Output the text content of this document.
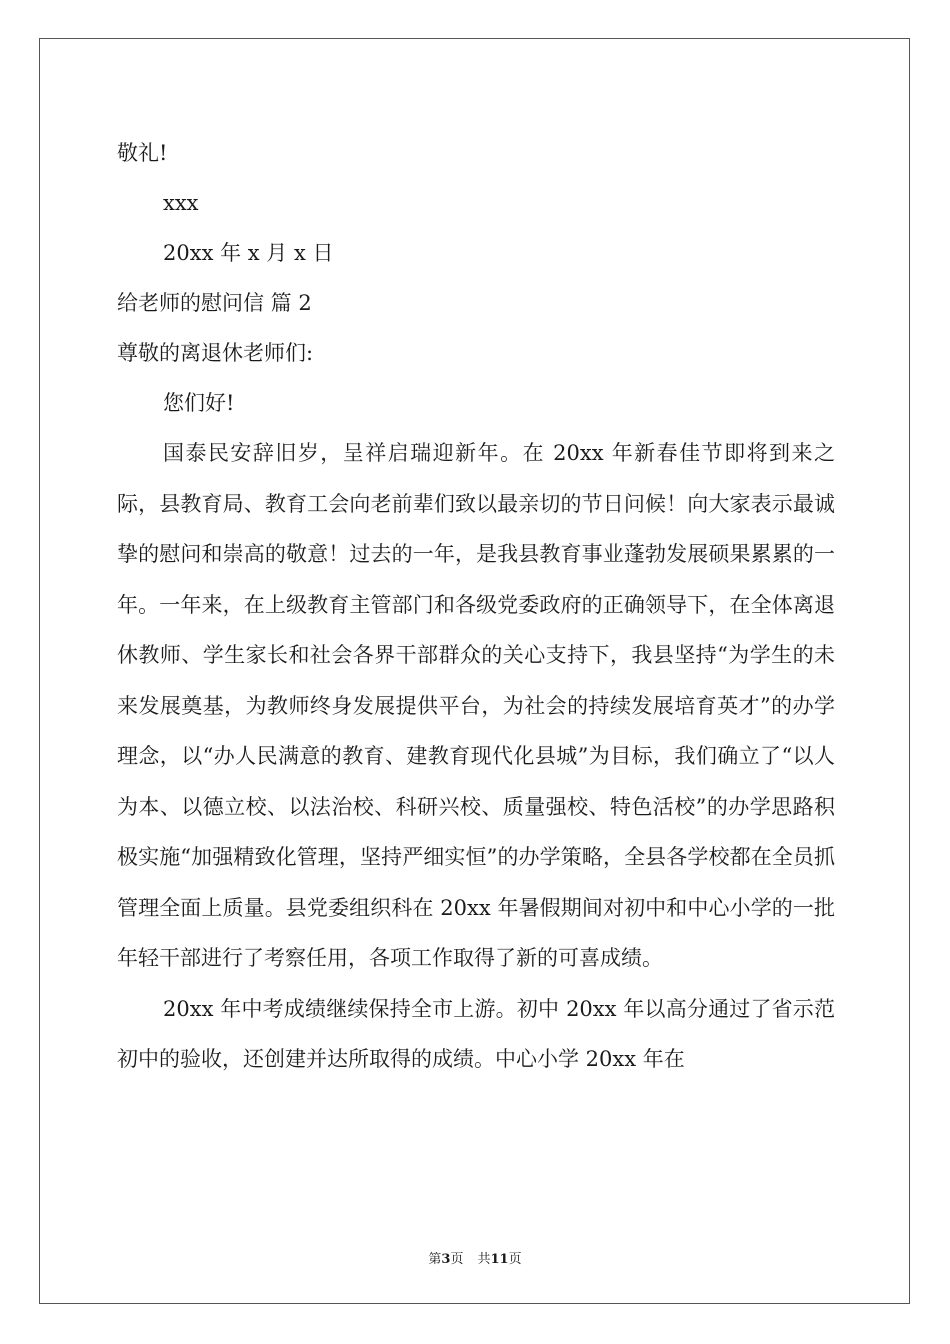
敬礼!
xxx
20xx 年 x 月 x 日
给老师的慰问信 篇 2
尊敬的离退休老师们:
您们好!

国泰民安辞旧岁，呈祥启瑞迎新年。在 20xx 年新春佳节即将到来之际，县教育局、教育工会向老前辈们致以最亲切的节日问候！向大家表示最诚挚的慰问和崇高的敬意！过去的一年，是我县教育事业蓬勃发展硕果累累的一年。一年来，在上级教育主管部门和各级党委政府的正确领导下，在全体离退休教师、学生家长和社会各界干部群众的关心支持下，我县坚持“为学生的未来发展奠基，为教师终身发展提供平台，为社会的持续发展培育英才”的办学理念，以“办人民满意的教育、建教育现代化县城”为目标，我们确立了“以人为本、以德立校、以法治校、科研兴校、质量强校、特色活校”的办学思路积极实施“加强精致化管理，坚持严细实恒”的办学策略，全县各学校都在全员抓管理全面上质量。县党委组织科在 20xx 年暑假期间对初中和中心小学的一批年轻干部进行了考察任用，各项工作取得了新的可喜成绩。

20xx 年中考成绩继续保持全市上游。初中 20xx 年以高分通过了省示范初中的验收，还创建并达所取得的成绩。中心小学 20xx 年在

第3页 共11页
